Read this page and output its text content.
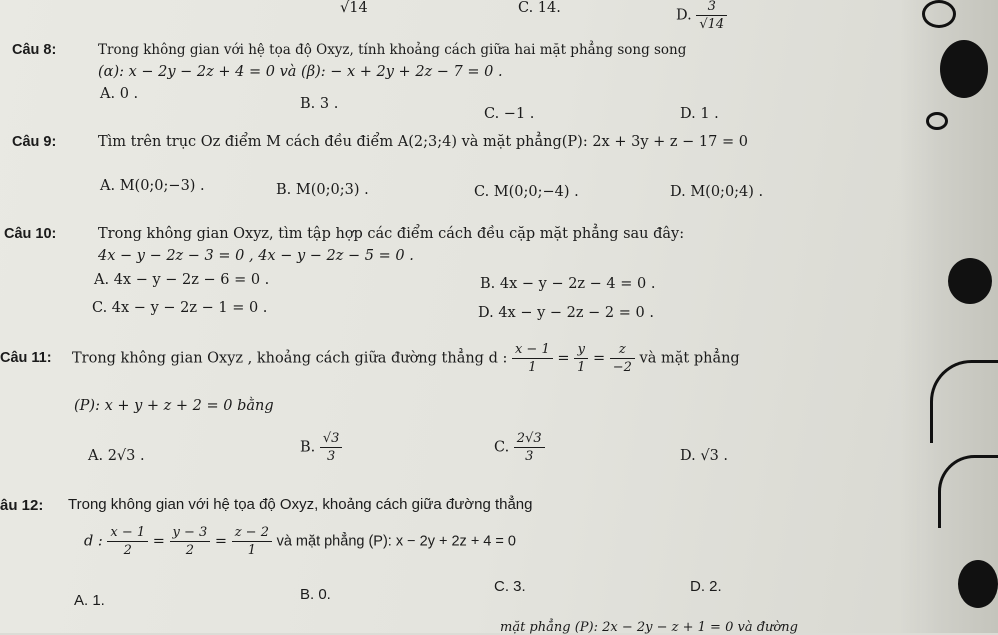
√14	C. 14.	D. $\frac{3}{√14}$
Câu 8:	Trong không gian với hệ tọa độ Oxyz, tính khoảng cách giữa hai mặt phẳng song song
(α): x − 2y − 2z + 4 = 0 và (β): − x + 2y + 2z − 7 = 0 .
A. 0 .
B. 3 .
C. −1 .	D. 1 .
Câu 9:	Tìm trên trục Oz điểm M cách đều điểm A(2;3;4) và mặt phẳng(P): 2x + 3y + z − 17 = 0
A. M(0;0;−3) .	B. M(0;0;3) .	C. M(0;0;−4) .	D. M(0;0;4) .
Câu 10:	Trong không gian Oxyz, tìm tập hợp các điểm cách đều cặp mặt phẳng sau đây:
4x − y − 2z − 3 = 0 , 4x − y − 2z − 5 = 0 .
A. 4x − y − 2z − 6 = 0 .	B. 4x − y − 2z − 4 = 0 .
C. 4x − y − 2z − 1 = 0 .	D. 4x − y − 2z − 2 = 0 .
Câu 11: Trong không gian Oxyz , khoảng cách giữa đường thẳng d : $\frac{x - 1}{1} = \frac{y}{1} = \frac{z}{-2}$ và mặt phẳng
(P): x + y + z + 2 = 0 bằng
A. 2√3 .
B. $\frac{√3}{3}$	C. $\frac{2√3}{3}$	D. √3 .
âu 12: Trong không gian với hệ tọa độ Oxyz, khoảng cách giữa đường thẳng
d : $\frac{x - 1}{2} = \frac{y - 3}{2} = \frac{z - 2}{1}$ và mặt phẳng (P): x − 2y + 2z + 4 = 0
A. 1.	B. 0.	C. 3.	D. 2.
mặt phẳng (P): 2x − 2y − z + 1 = 0 và đường
